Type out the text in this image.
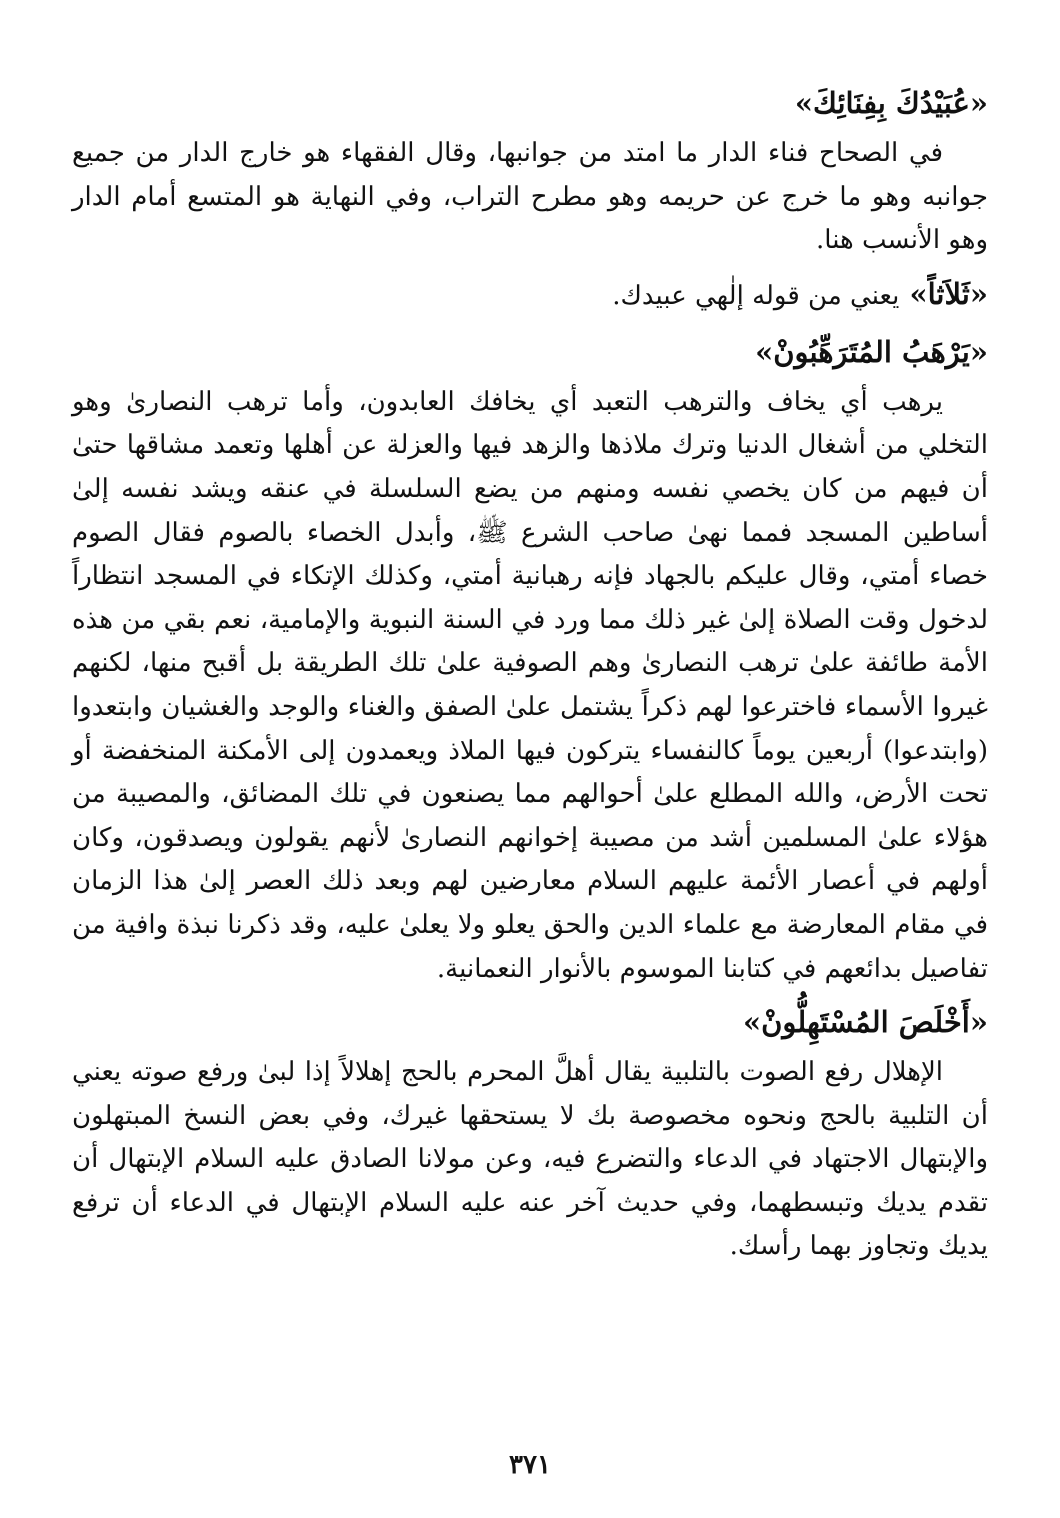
«عُبَيْدُكَ بِفِنَائِكَ»

في الصحاح فناء الدار ما امتد من جوانبها، وقال الفقهاء هو خارج الدار من جميع جوانبه وهو ما خرج عن حريمه وهو مطرح التراب، وفي النهاية هو المتسع أمام الدار وهو الأنسب هنا.

«ثَلاَثاً» يعني من قوله إلٰهي عبيدك.
«يَرْهَبُ المُتَرَهِّبُونْ»

يرهب أي يخاف والترهب التعبد أي يخافك العابدون، وأما ترهب النصارىٰ وهو التخلي من أشغال الدنيا وترك ملاذها والزهد فيها والعزلة عن أهلها وتعمد مشاقها حتىٰ أن فيهم من كان يخصي نفسه ومنهم من يضع السلسلة في عنقه ويشد نفسه إلىٰ أساطين المسجد فمما نهىٰ صاحب الشرع ﷺ، وأبدل الخصاء بالصوم فقال الصوم خصاء أمتي، وقال عليكم بالجهاد فإنه رهبانية أمتي، وكذلك الإتكاء في المسجد انتظاراً لدخول وقت الصلاة إلىٰ غير ذلك مما ورد في السنة النبوية والإمامية، نعم بقي من هذه الأمة طائفة علىٰ ترهب النصارىٰ وهم الصوفية علىٰ تلك الطريقة بل أقبح منها، لكنهم غيروا الأسماء فاخترعوا لهم ذكراً يشتمل علىٰ الصفق والغناء والوجد والغشيان وابتعدوا (وابتدعوا) أربعين يوماً كالنفساء يتركون فيها الملاذ ويعمدون إلى الأمكنة المنخفضة أو تحت الأرض، والله المطلع علىٰ أحوالهم مما يصنعون في تلك المضائق، والمصيبة من هؤلاء علىٰ المسلمين أشد من مصيبة إخوانهم النصارىٰ لأنهم يقولون ويصدقون، وكان أولهم في أعصار الأئمة عليهم السلام معارضين لهم وبعد ذلك العصر إلىٰ هذا الزمان في مقام المعارضة مع علماء الدين والحق يعلو ولا يعلىٰ عليه، وقد ذكرنا نبذة وافية من تفاصيل بدائعهم في كتابنا الموسوم بالأنوار النعمانية.

«أَخْلَصَ المُسْتَهِلُّونْ»

الإهلال رفع الصوت بالتلبية يقال أهلَّ المحرم بالحج إهلالاً إذا لبىٰ ورفع صوته يعني أن التلبية بالحج ونحوه مخصوصة بك لا يستحقها غيرك، وفي بعض النسخ المبتهلون والإبتهال الاجتهاد في الدعاء والتضرع فيه، وعن مولانا الصادق عليه السلام الإبتهال أن تقدم يديك وتبسطهما، وفي حديث آخر عنه عليه السلام الإبتهال في الدعاء أن ترفع يديك وتجاوز بهما رأسك.

٣٧١
